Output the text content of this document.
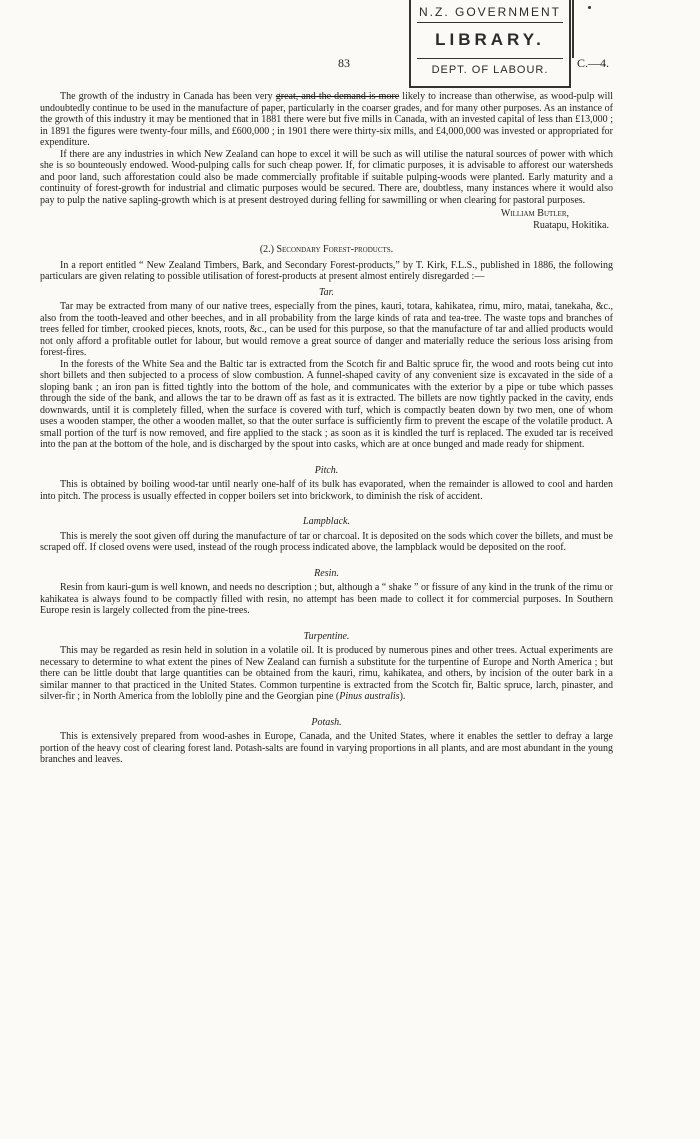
N.Z. GOVERNMENT
LIBRARY.
DEPT. OF LABOUR.
83	C.—4.

The growth of the industry in Canada has been very great, and the demand is more likely to increase than otherwise, as wood-pulp will undoubtedly continue to be used in the manufacture of paper, particularly in the coarser grades, and for many other purposes. As an instance of the growth of this industry it may be mentioned that in 1881 there were but five mills in Canada, with an invested capital of less than £13,000 ; in 1891 the figures were twenty-four mills, and £600,000 ; in 1901 there were thirty-six mills, and £4,000,000 was invested or appropriated for expenditure.

If there are any industries in which New Zealand can hope to excel it will be such as will utilise the natural sources of power with which she is so bounteously endowed. Wood-pulping calls for such cheap power. If, for climatic purposes, it is advisable to afforest our watersheds and poor land, such afforestation could also be made commercially profitable if suitable pulping-woods were planted. Early maturity and a continuity of forest-growth for industrial and climatic purposes would be secured. There are, doubtless, many instances where it would also pay to pulp the native sapling-growth which is at present destroyed during felling for sawmilling or when clearing for pastoral purposes.

William Butler,
Ruatapu, Hokitika.
(2.) Secondary Forest-products.

In a report entitled “ New Zealand Timbers, Bark, and Secondary Forest-products,” by T. Kirk, F.L.S., published in 1886, the following particulars are given relating to possible utilisation of forest-products at present almost entirely disregarded :—

Tar.

Tar may be extracted from many of our native trees, especially from the pines, kauri, totara, kahikatea, rimu, miro, matai, tanekaha, &c., also from the tooth-leaved and other beeches, and in all probability from the large kinds of rata and tea-tree. The waste tops and branches of trees felled for timber, crooked pieces, knots, roots, &c., can be used for this purpose, so that the manufacture of tar and allied products would not only afford a profitable outlet for labour, but would remove a great source of danger and materially reduce the serious loss arising from forest-fires.

In the forests of the White Sea and the Baltic tar is extracted from the Scotch fir and Baltic spruce fir, the wood and roots being cut into short billets and then subjected to a process of slow combustion. A funnel-shaped cavity of any convenient size is excavated in the side of a sloping bank ; an iron pan is fitted tightly into the bottom of the hole, and communicates with the exterior by a pipe or tube which passes through the side of the bank, and allows the tar to be drawn off as fast as it is extracted. The billets are now tightly packed in the cavity, ends downwards, until it is completely filled, when the surface is covered with turf, which is compactly beaten down by two men, one of whom uses a wooden stamper, the other a wooden mallet, so that the outer surface is sufficiently firm to prevent the escape of the volatile product. A small portion of the turf is now removed, and fire applied to the stack ; as soon as it is kindled the turf is replaced. The exuded tar is received into the pan at the bottom of the hole, and is discharged by the spout into casks, which are at once bunged and made ready for shipment.

Pitch.

This is obtained by boiling wood-tar until nearly one-half of its bulk has evaporated, when the remainder is allowed to cool and harden into pitch. The process is usually effected in copper boilers set into brickwork, to diminish the risk of accident.

Lampblack.

This is merely the soot given off during the manufacture of tar or charcoal. It is deposited on the sods which cover the billets, and must be scraped off. If closed ovens were used, instead of the rough process indicated above, the lampblack would be deposited on the roof.

Resin.

Resin from kauri-gum is well known, and needs no description ; but, although a “ shake ” or fissure of any kind in the trunk of the rimu or kahikatea is always found to be compactly filled with resin, no attempt has been made to collect it for commercial purposes. In Southern Europe resin is largely collected from the pine-trees.

Turpentine.

This may be regarded as resin held in solution in a volatile oil. It is produced by numerous pines and other trees. Actual experiments are necessary to determine to what extent the pines of New Zealand can furnish a substitute for the turpentine of Europe and North America ; but there can be little doubt that large quantities can be obtained from the kauri, rimu, kahikatea, and others, by incision of the outer bark in a similar manner to that practiced in the United States. Common turpentine is extracted from the Scotch fir, Baltic spruce, larch, pinaster, and silver-fir ; in North America from the loblolly pine and the Georgian pine (Pinus australis).

Potash.

This is extensively prepared from wood-ashes in Europe, Canada, and the United States, where it enables the settler to defray a large portion of the heavy cost of clearing forest land. Potash-salts are found in varying proportions in all plants, and are most abundant in the young branches and leaves.
